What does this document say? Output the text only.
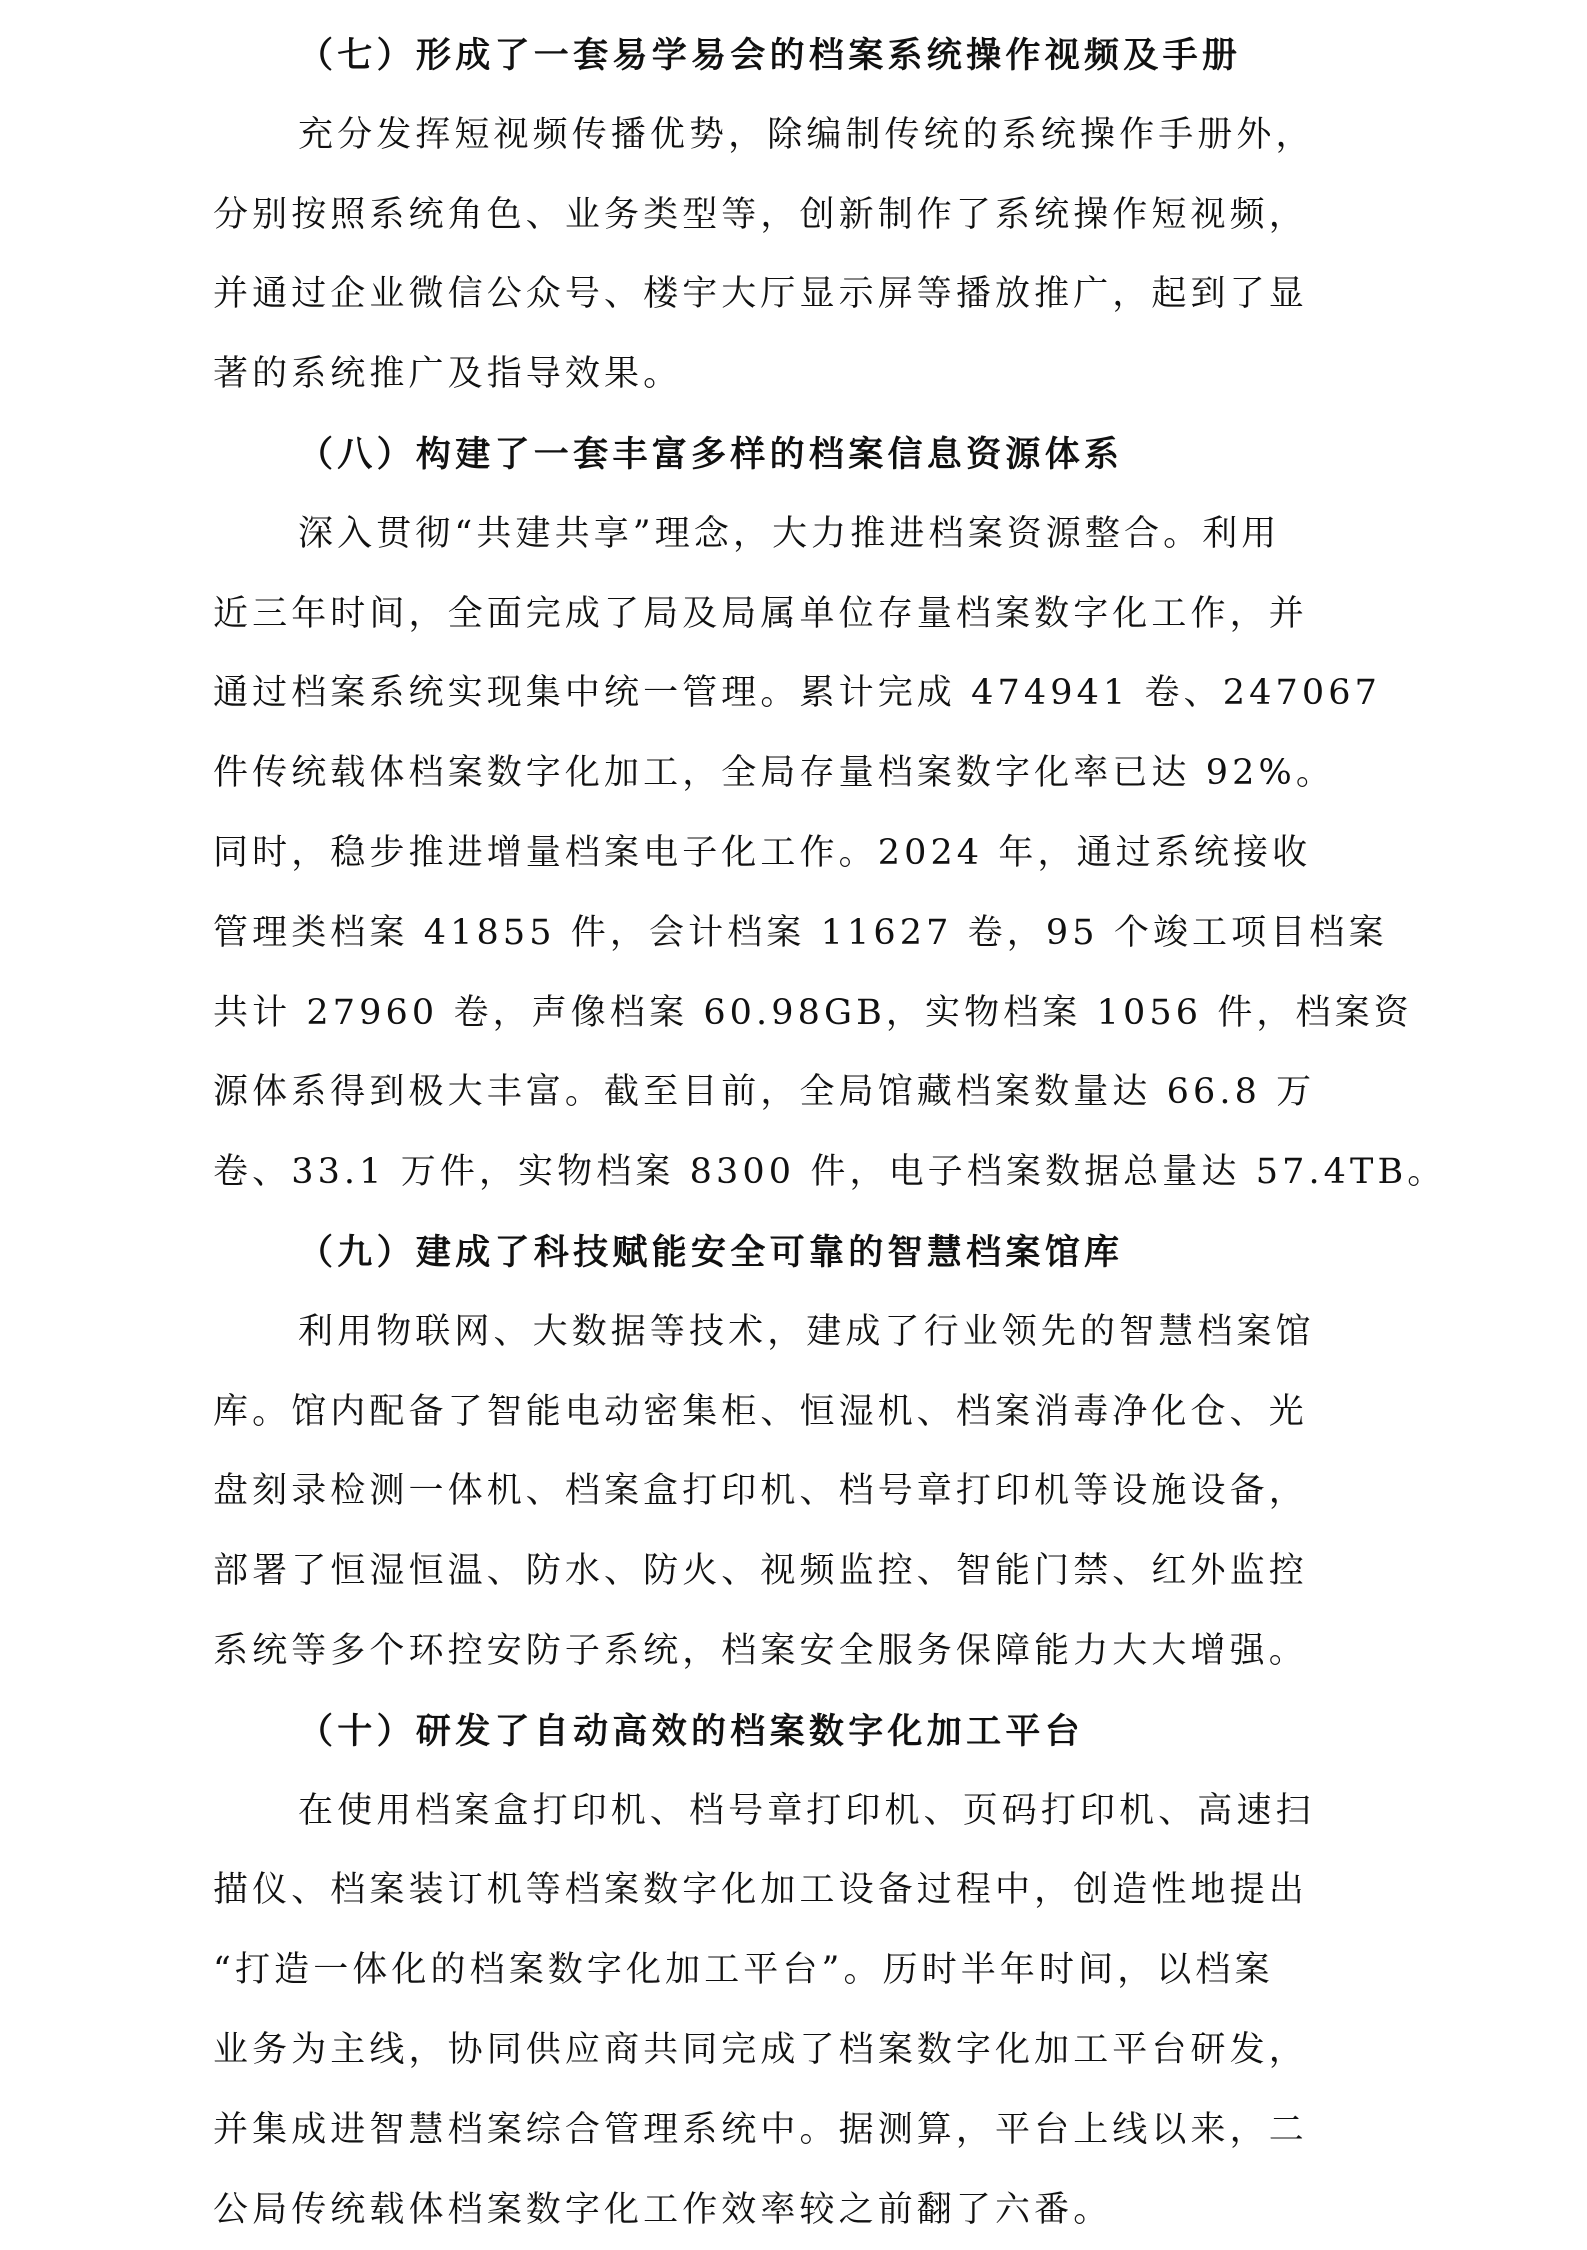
（七）形成了一套易学易会的档案系统操作视频及手册
充分发挥短视频传播优势，除编制传统的系统操作手册外，
分别按照系统角色、业务类型等，创新制作了系统操作短视频，
并通过企业微信公众号、楼宇大厅显示屏等播放推广，起到了显
著的系统推广及指导效果。
（八）构建了一套丰富多样的档案信息资源体系
深入贯彻“共建共享”理念，大力推进档案资源整合。利用
近三年时间，全面完成了局及局属单位存量档案数字化工作，并
通过档案系统实现集中统一管理。累计完成 474941 卷、247067
件传统载体档案数字化加工，全局存量档案数字化率已达 92%。
同时，稳步推进增量档案电子化工作。2024 年，通过系统接收
管理类档案 41855 件，会计档案 11627 卷，95 个竣工项目档案
共计 27960 卷，声像档案 60.98GB，实物档案 1056 件，档案资
源体系得到极大丰富。截至目前，全局馆藏档案数量达 66.8 万
卷、33.1 万件，实物档案 8300 件，电子档案数据总量达 57.4TB。
（九）建成了科技赋能安全可靠的智慧档案馆库
利用物联网、大数据等技术，建成了行业领先的智慧档案馆
库。馆内配备了智能电动密集柜、恒湿机、档案消毒净化仓、光
盘刻录检测一体机、档案盒打印机、档号章打印机等设施设备，
部署了恒湿恒温、防水、防火、视频监控、智能门禁、红外监控
系统等多个环控安防子系统，档案安全服务保障能力大大增强。
（十）研发了自动高效的档案数字化加工平台
在使用档案盒打印机、档号章打印机、页码打印机、高速扫
描仪、档案装订机等档案数字化加工设备过程中，创造性地提出
“打造一体化的档案数字化加工平台”。历时半年时间，以档案
业务为主线，协同供应商共同完成了档案数字化加工平台研发，
并集成进智慧档案综合管理系统中。据测算，平台上线以来，二
公局传统载体档案数字化工作效率较之前翻了六番。
